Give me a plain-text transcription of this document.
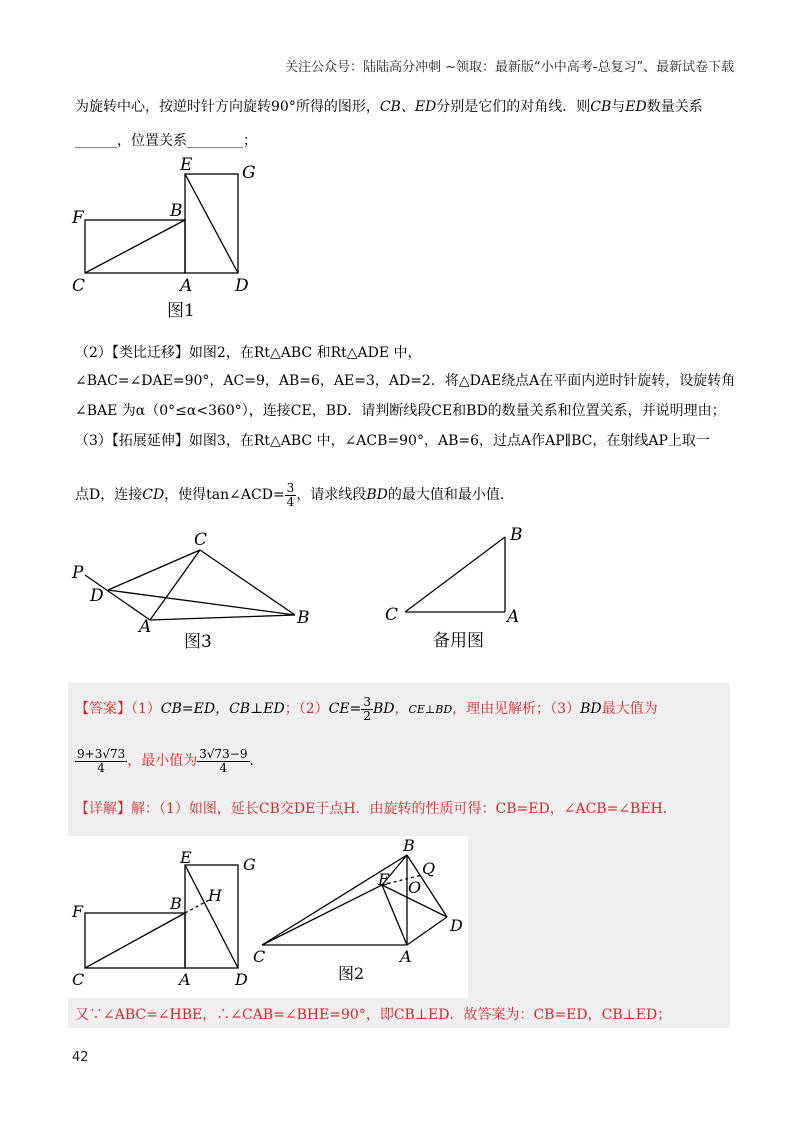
关注公众号：陆陆高分冲刺 ~领取：最新版“小中高考-总复习”、最新试卷下载
为旋转中心，按逆时针方向旋转90°所得的图形，CB、ED分别是它们的对角线．则CB与ED数量关系
______，位置关系________；
E	G
F	B
C	A	D
图1
（2）【类比迁移】如图2，在Rt△ABC 和Rt△ADE 中，
∠BAC=∠DAE=90°，AC=9，AB=6，AE=3，AD=2．将△DAE绕点A在平面内逆时针旋转，设旋转角
∠BAE 为α（0°≤α<360°），连接CE，BD．请判断线段CE和BD的数量关系和位置关系，并说明理由；
（3）【拓展延伸】如图3，在Rt△ABC 中，∠ACB=90°，AB=6，过点A作AP∥BC，在射线AP上取一
点D，连接CD，使得tan∠ACD= $\frac{3}{4}$ ，请求线段BD的最大值和最小值．
C
P
D
A	B
图3
B
C	A
备用图
【答案】（1）CB=ED，CB⊥ED；$(2)CE= \frac{3}{2}$ BD，CE⊥BD，理由见解析；（3）BD最大值为
$\frac{9+3√73}{4}$ ，最小值为 $\frac{3√73-9}{4}$ ．
【详解】解：（1）如图，延长CB交DE于点H．由旋转的性质可得：CB=ED，∠ACB=∠BEH．
E	G
F	B H
C	A	D
B
Q
E O
D
C	A
图2
又∵∠ABC=∠HBE，∴∠CAB=∠BHE=90°，即CB⊥ED．故答案为：CB=ED，CB⊥ED；
42
